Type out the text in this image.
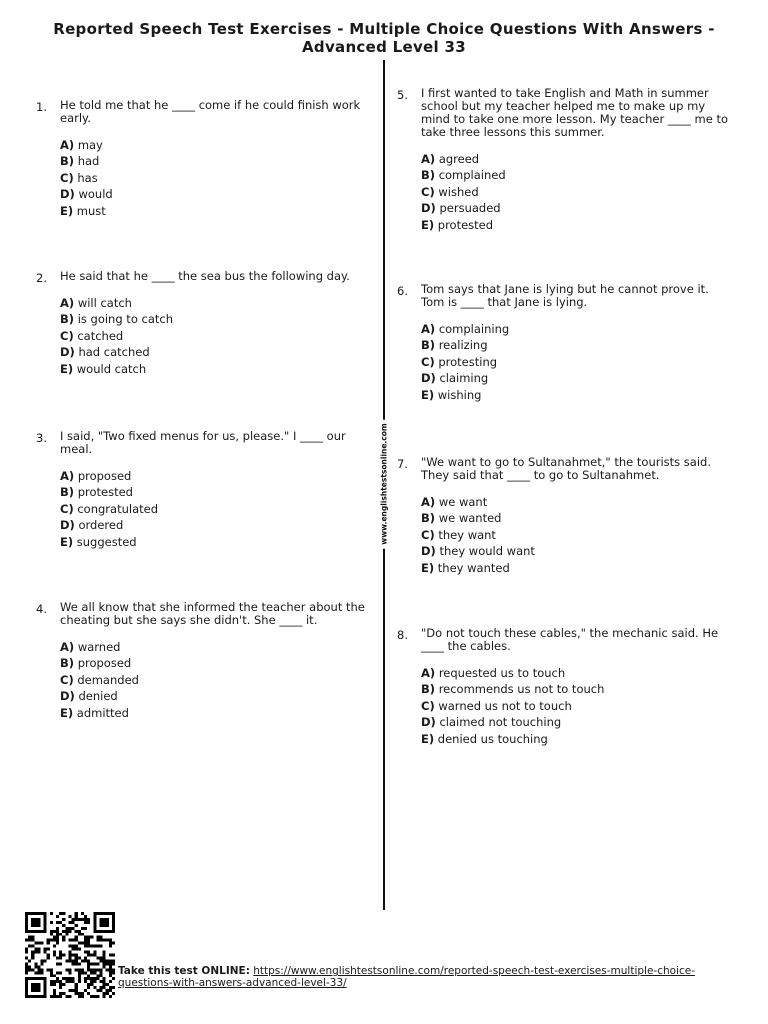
Reported Speech Test Exercises - Multiple Choice Questions With Answers -
Advanced Level 33
www.englishtestsonline.com
1. He told me that he ____ come if he could finish work early.
A) may
B) had
C) has
D) would
E) must
2. He said that he ____ the sea bus the following day.
A) will catch
B) is going to catch
C) catched
D) had catched
E) would catch
3. I said, "Two fixed menus for us, please." I ____ our meal.
A) proposed
B) protested
C) congratulated
D) ordered
E) suggested
4. We all know that she informed the teacher about the cheating but she says she didn't. She ____ it.
A) warned
B) proposed
C) demanded
D) denied
E) admitted
5. I first wanted to take English and Math in summer school but my teacher helped me to make up my mind to take one more lesson. My teacher ____ me to take three lessons this summer.
A) agreed
B) complained
C) wished
D) persuaded
E) protested
6. Tom says that Jane is lying but he cannot prove it. Tom is ____ that Jane is lying.
A) complaining
B) realizing
C) protesting
D) claiming
E) wishing
7. "We want to go to Sultanahmet," the tourists said. They said that ____ to go to Sultanahmet.
A) we want
B) we wanted
C) they want
D) they would want
E) they wanted
8. "Do not touch these cables," the mechanic said. He ____ the cables.
A) requested us to touch
B) recommends us not to touch
C) warned us not to touch
D) claimed not touching
E) denied us touching
Take this test ONLINE: https://www.englishtestsonline.com/reported-speech-test-exercises-multiple-choice-questions-with-answers-advanced-level-33/
